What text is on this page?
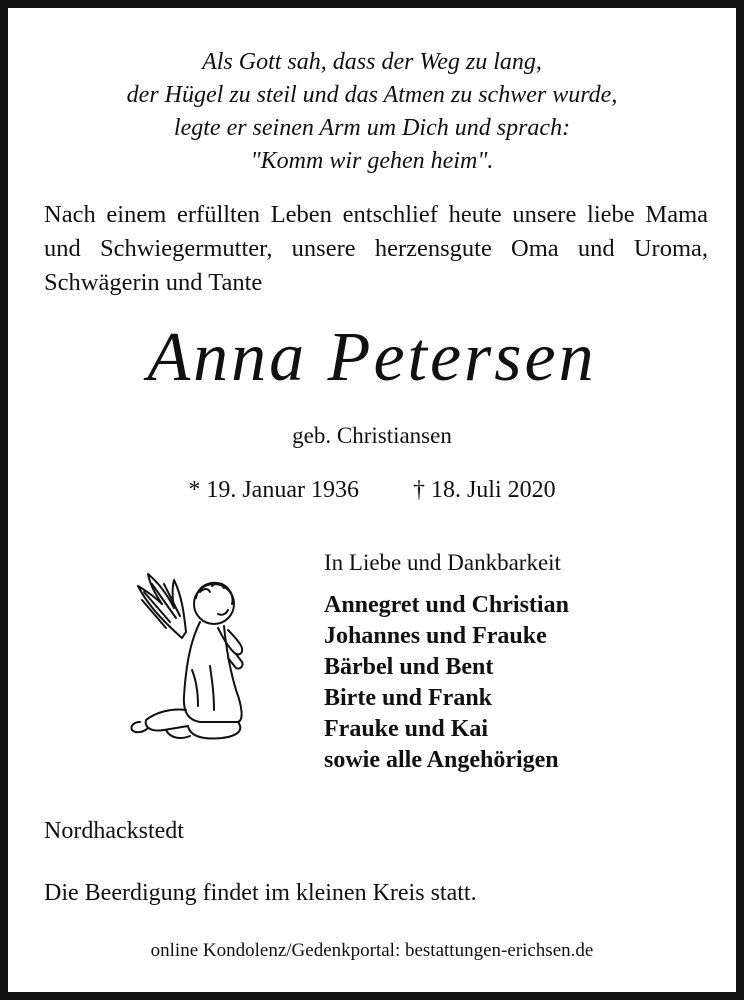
Als Gott sah, dass der Weg zu lang,
der Hügel zu steil und das Atmen zu schwer wurde,
legte er seinen Arm um Dich und sprach:
"Komm wir gehen heim".
Nach einem erfüllten Leben entschlief heute unsere liebe Mama und Schwiegermutter, unsere herzensgute Oma und Uroma, Schwägerin und Tante
Anna Petersen
geb. Christiansen
* 19. Januar 1936 † 18. Juli 2020
In Liebe und Dankbarkeit
Annegret und Christian
Johannes und Frauke
Bärbel und Bent
Birte und Frank
Frauke und Kai
sowie alle Angehörigen
Nordhackstedt
Die Beerdigung findet im kleinen Kreis statt.
online Kondolenz/Gedenkportal: bestattungen-erichsen.de
